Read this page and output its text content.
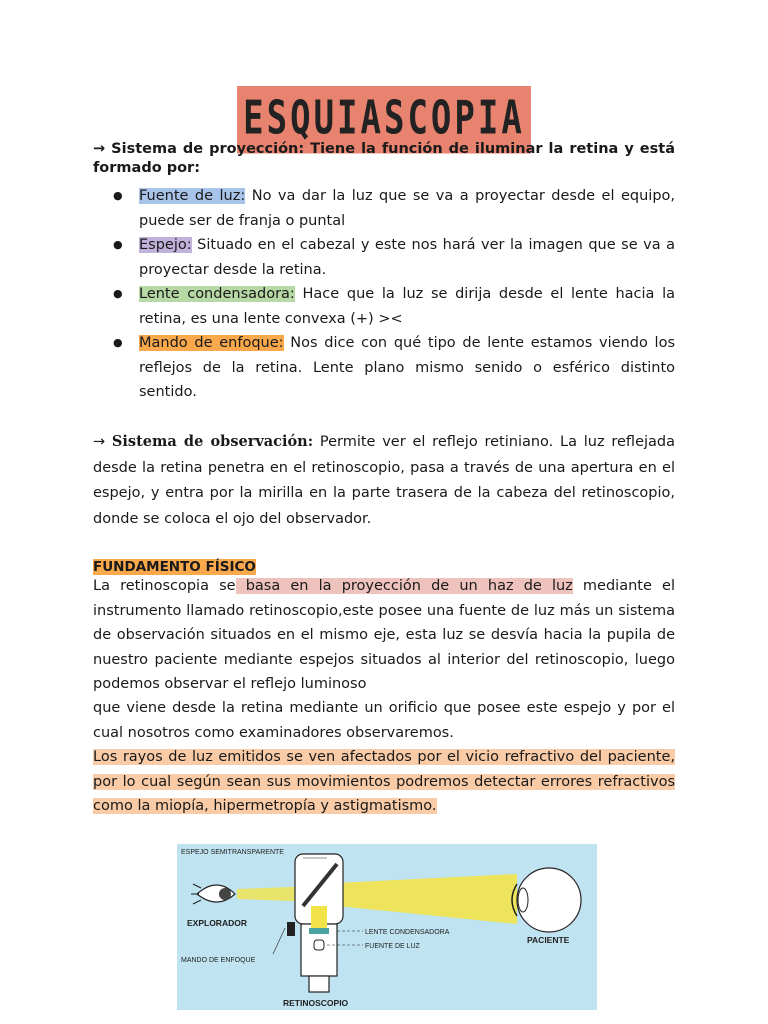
ESQUIASCOPIA
→ Sistema de proyección: Tiene la función de iluminar la retina y está formado por:
● Fuente de luz: No va dar la luz que se va a proyectar desde el equipo, puede ser de franja o puntal
● Espejo: Situado en el cabezal y este nos hará ver la imagen que se va a proyectar desde la retina.
● Lente condensadora: Hace que la luz se dirija desde el lente hacia la retina, es una lente convexa (+) ><
● Mando de enfoque: Nos dice con qué tipo de lente estamos viendo los reflejos de la retina. Lente plano mismo senido o esférico distinto sentido.
→ Sistema de observación: Permite ver el reflejo retiniano. La luz reflejada desde la retina penetra en el retinoscopio, pasa a través de una apertura en el espejo, y entra por la mirilla en la parte trasera de la cabeza del retinoscopio, donde se coloca el ojo del observador.
FUNDAMENTO FÍSICO
La retinoscopia se basa en la proyección de un haz de luz mediante el instrumento llamado retinoscopio,este posee una fuente de luz más un sistema de observación situados en el mismo eje, esta luz se desvía hacia la pupila de nuestro paciente mediante espejos situados al interior del retinoscopio, luego podemos observar el reflejo luminoso
que viene desde la retina mediante un orificio que posee este espejo y por el cual nosotros como examinadores observaremos.
Los rayos de luz emitidos se ven afectados por el vicio refractivo del paciente, por lo cual según sean sus movimientos podremos detectar errores refractivos como la miopía, hipermetropía y astigmatismo.
ESPEJO SEMITRANSPARENTE
EXPLORADOR
LENTE CONDENSADORA
PACIENTE
FUENTE DE LUZ
MANDO DE ENFOQUE
RETINOSCOPIO
